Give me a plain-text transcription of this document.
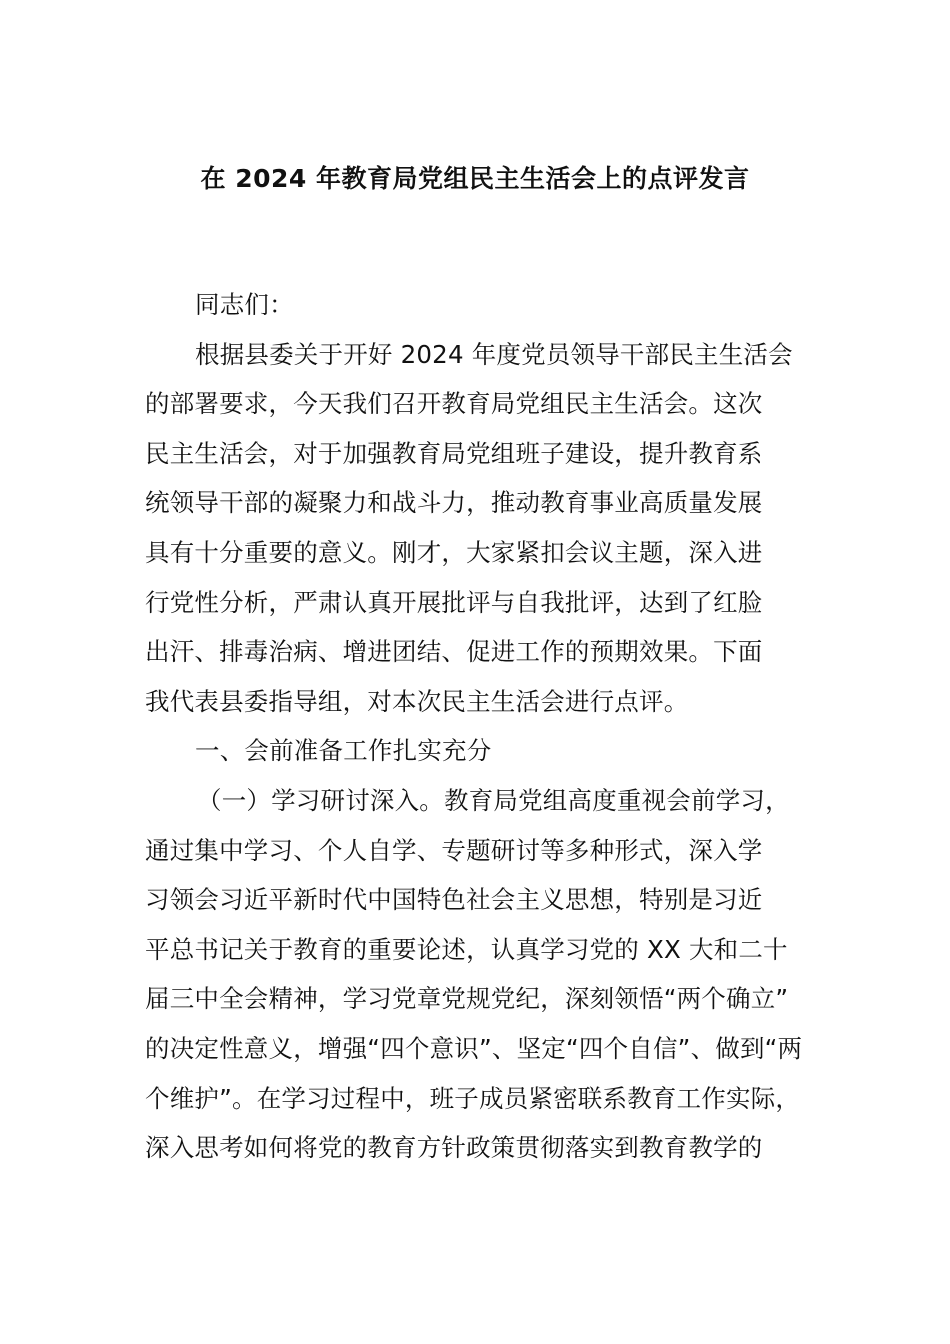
在 2024 年教育局党组民主生活会上的点评发言
同志们：
根据县委关于开好 2024 年度党员领导干部民主生活会
的部署要求，今天我们召开教育局党组民主生活会。这次
民主生活会，对于加强教育局党组班子建设，提升教育系
统领导干部的凝聚力和战斗力，推动教育事业高质量发展
具有十分重要的意义。刚才，大家紧扣会议主题，深入进
行党性分析，严肃认真开展批评与自我批评，达到了红脸
出汗、排毒治病、增进团结、促进工作的预期效果。下面
我代表县委指导组，对本次民主生活会进行点评。
一、会前准备工作扎实充分
（一）学习研讨深入。教育局党组高度重视会前学习，
通过集中学习、个人自学、专题研讨等多种形式，深入学
习领会习近平新时代中国特色社会主义思想，特别是习近
平总书记关于教育的重要论述，认真学习党的 XX 大和二十
届三中全会精神，学习党章党规党纪，深刻领悟“两个确立”
的决定性意义，增强“四个意识”、坚定“四个自信”、做到“两
个维护”。在学习过程中，班子成员紧密联系教育工作实际，
深入思考如何将党的教育方针政策贯彻落实到教育教学的
